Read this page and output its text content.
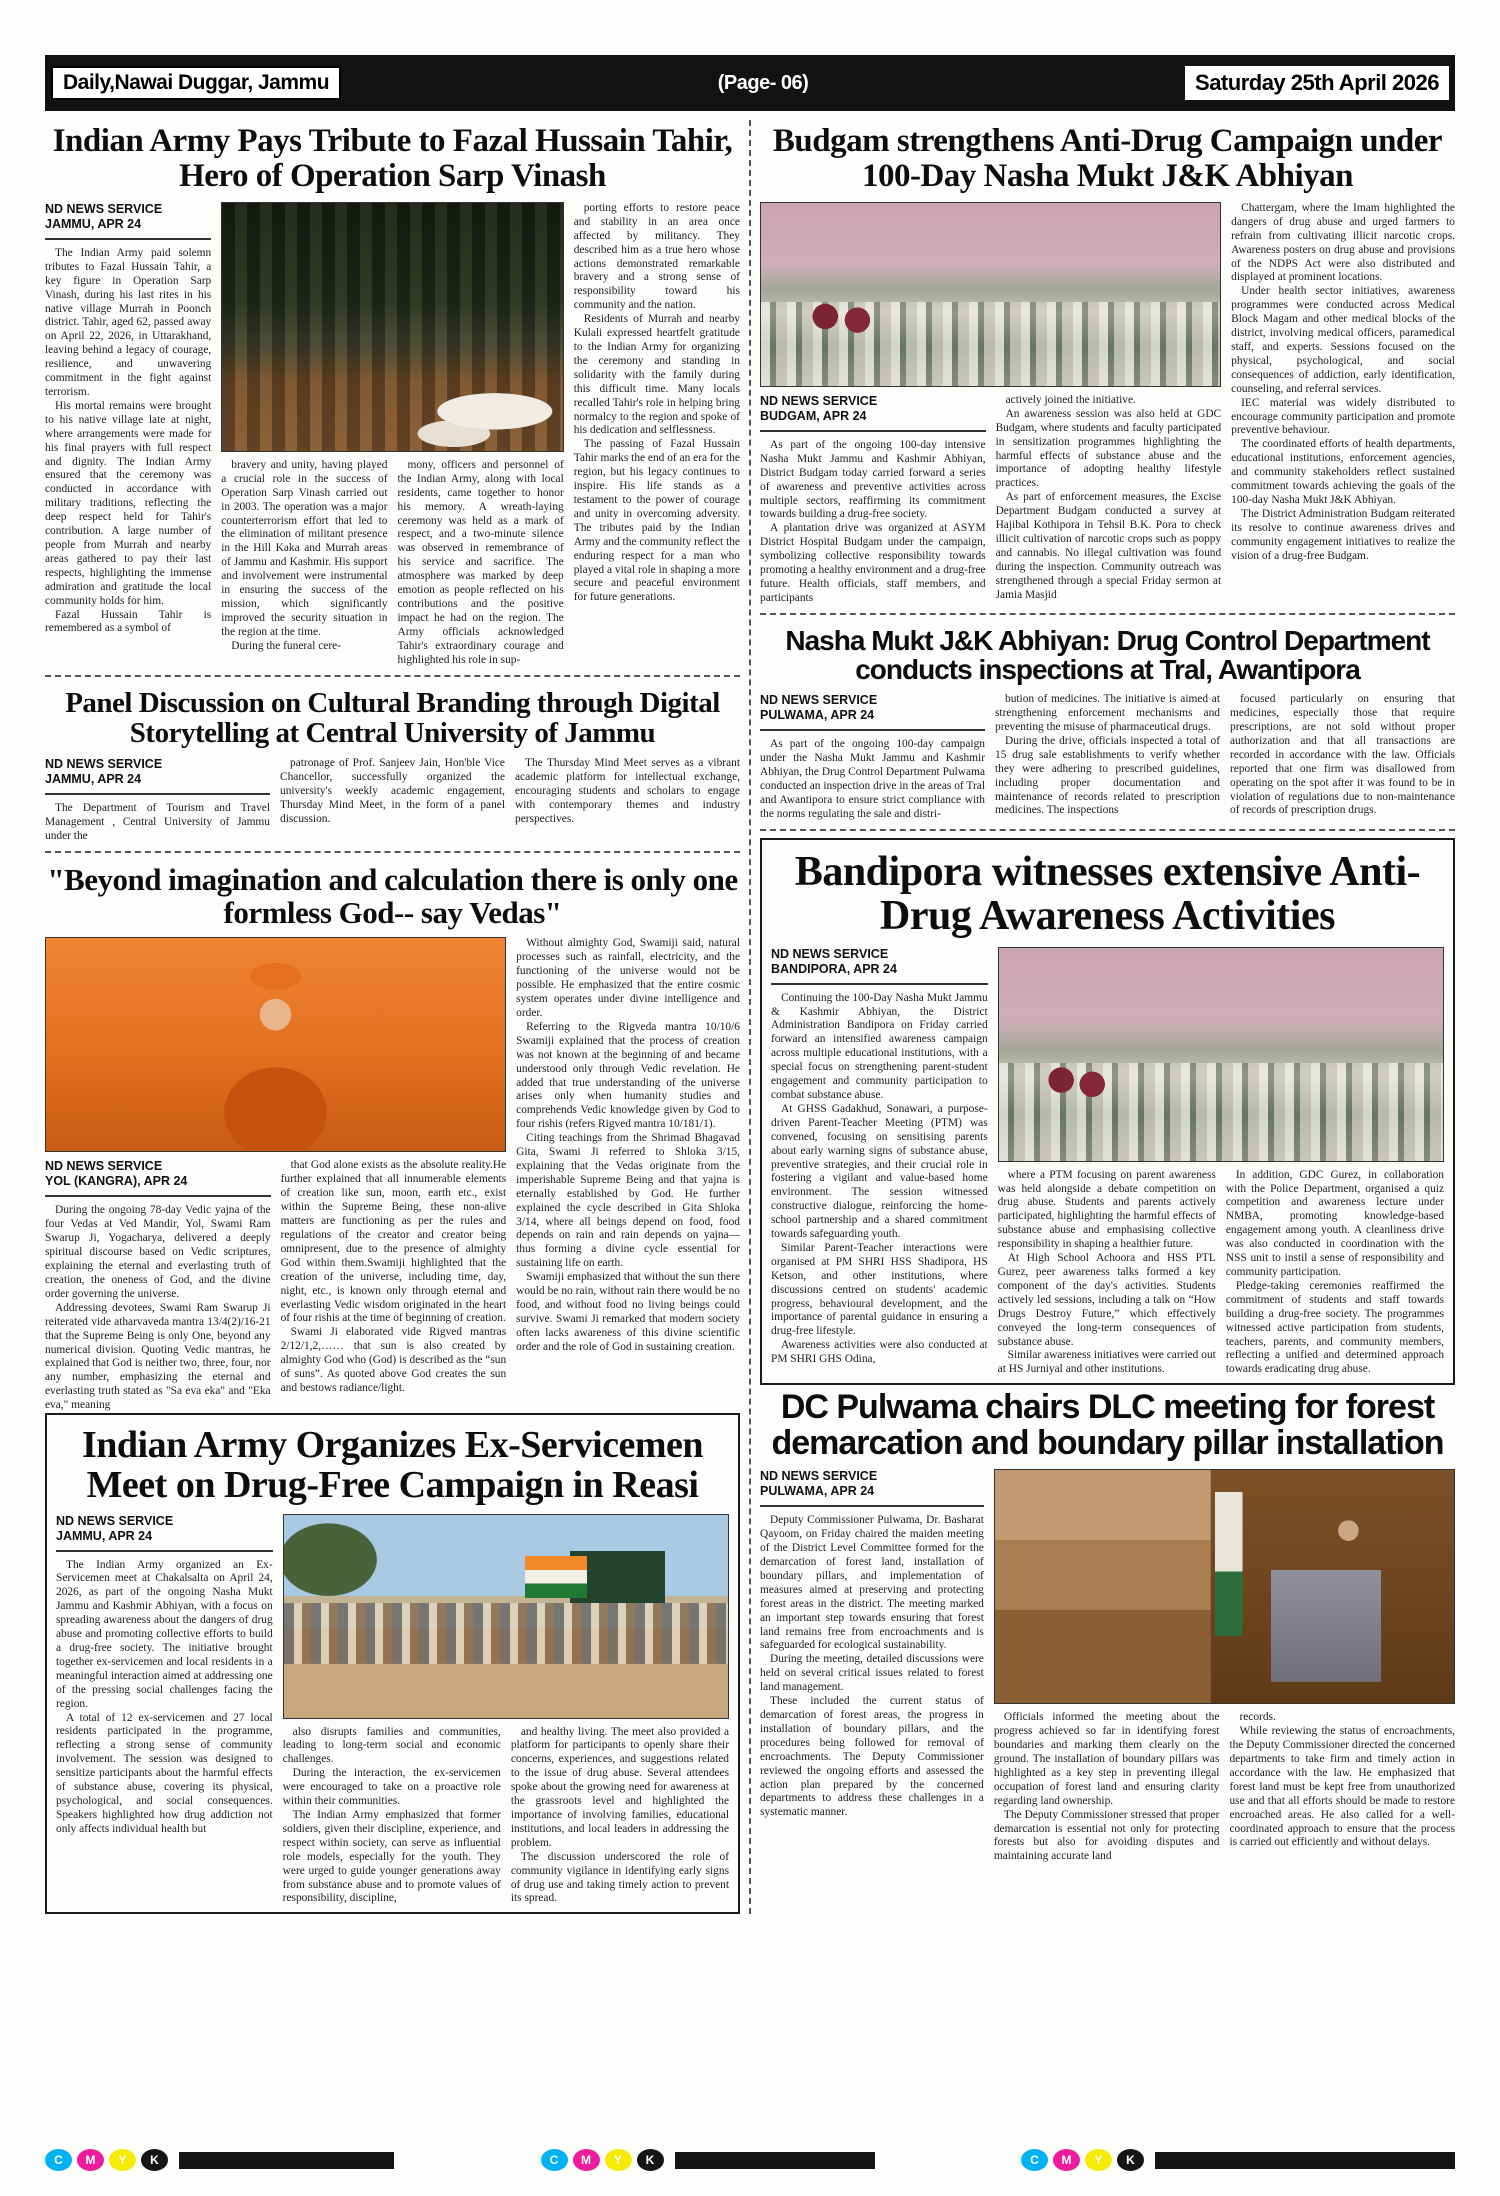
Daily,Nawai Duggar, Jammu	(Page- 06)	Saturday 25th April 2026
Indian Army Pays Tribute to Fazal Hussain Tahir, Hero of Operation Sarp Vinash
ND NEWS SERVICE
JAMMU, APR 24

The Indian Army paid solemn tributes to Fazal Hussain Tahir, a key figure in Operation Sarp Vinash, during his last rites in his native village Murrah in Poonch district. Tahir, aged 62, passed away on April 22, 2026, in Uttarakhand, leaving behind a legacy of courage, resilience, and unwavering commitment in the fight against terrorism.

His mortal remains were brought to his native village late at night, where arrangements were made for his final prayers with full respect and dignity. The Indian Army ensured that the ceremony was conducted in accordance with military traditions, reflecting the deep respect held for Tahir's contribution. A large number of people from Murrah and nearby areas gathered to pay their last respects, highlighting the immense admiration and gratitude the local community holds for him.

Fazal Hussain Tahir is remembered as a symbol of

bravery and unity, having played a crucial role in the success of Operation Sarp Vinash carried out in 2003. The operation was a major counterterrorism effort that led to the elimination of militant presence in the Hill Kaka and Murrah areas of Jammu and Kashmir. His support and involvement were instrumental in ensuring the success of the mission, which significantly improved the security situation in the region at the time.

During the funeral cere-

mony, officers and personnel of the Indian Army, along with local residents, came together to honor his memory. A wreath-laying ceremony was held as a mark of respect, and a two-minute silence was observed in remembrance of his service and sacrifice. The atmosphere was marked by deep emotion as people reflected on his contributions and the positive impact he had on the region. The Army officials acknowledged Tahir's extraordinary courage and highlighted his role in sup-

porting efforts to restore peace and stability in an area once affected by militancy. They described him as a true hero whose actions demonstrated remarkable bravery and a strong sense of responsibility toward his community and the nation.

Residents of Murrah and nearby Kulali expressed heartfelt gratitude to the Indian Army for organizing the ceremony and standing in solidarity with the family during this difficult time. Many locals recalled Tahir's role in helping bring normalcy to the region and spoke of his dedication and selflessness.

The passing of Fazal Hussain Tahir marks the end of an era for the region, but his legacy continues to inspire. His life stands as a testament to the power of courage and unity in overcoming adversity. The tributes paid by the Indian Army and the community reflect the enduring respect for a man who played a vital role in shaping a more secure and peaceful environment for future generations.

Panel Discussion on Cultural Branding through Digital Storytelling at Central University of Jammu
ND NEWS SERVICE
JAMMU, APR 24

The Department of Tourism and Travel Management , Central University of Jammu under the

patronage of Prof. Sanjeev Jain, Hon'ble Vice Chancellor, successfully organized the university's weekly academic engagement, Thursday Mind Meet, in the form of a panel discussion.

The Thursday Mind Meet serves as a vibrant academic platform for intellectual exchange, encouraging students and scholars to engage with contemporary themes and industry perspectives.

"Beyond imagination and calculation there is only one formless God-- say Vedas"
ND NEWS SERVICE
YOL (KANGRA), APR 24

During the ongoing 78-day Vedic yajna of the four Vedas at Ved Mandir, Yol, Swami Ram Swarup Ji, Yogacharya, delivered a deeply spiritual discourse based on Vedic scriptures, explaining the eternal and everlasting truth of creation, the oneness of God, and the divine order governing the universe.

Addressing devotees, Swami Ram Swarup Ji reiterated vide atharvaveda mantra 13/4(2)/16-21 that the Supreme Being is only One, beyond any numerical division. Quoting Vedic mantras, he explained that God is neither two, three, four, nor any number, emphasizing the eternal and everlasting truth stated as "Sa eva eka" and "Eka eva," meaning

that God alone exists as the absolute reality.He further explained that all innumerable elements of creation like sun, moon, earth etc., exist within the Supreme Being, these non-alive matters are functioning as per the rules and regulations of the creator and creator being omnipresent, due to the presence of almighty God within them.Swamiji highlighted that the creation of the universe, including time, day, night, etc., is known only through eternal and everlasting Vedic wisdom originated in the heart of four rishis at the time of beginning of creation.

Swami Ji elaborated vide Rigved mantras 2/12/1,2,…… that sun is also created by almighty God who (God) is described as the “sun of suns”. As quoted above God creates the sun and bestows radiance/light.

Without almighty God, Swamiji said, natural processes such as rainfall, electricity, and the functioning of the universe would not be possible. He emphasized that the entire cosmic system operates under divine intelligence and order.

Referring to the Rigveda mantra 10/10/6 Swamiji explained that the process of creation was not known at the beginning of and became understood only through Vedic revelation. He added that true understanding of the universe arises only when humanity studies and comprehends Vedic knowledge given by God to four rishis (refers Rigved mantra 10/181/1).

Citing teachings from the Shrimad Bhagavad Gita, Swami Ji referred to Shloka 3/15, explaining that the Vedas originate from the imperishable Supreme Being and that yajna is eternally established by God. He further explained the cycle described in Gita Shloka 3/14, where all beings depend on food, food depends on rain and rain depends on yajna— thus forming a divine cycle essential for sustaining life on earth.

Swamiji emphasized that without the sun there would be no rain, without rain there would be no food, and without food no living beings could survive. Swami Ji remarked that modern society often lacks awareness of this divine scientific order and the role of God in sustaining creation.

Indian Army Organizes Ex-Servicemen Meet on Drug-Free Campaign in Reasi
ND NEWS SERVICE
JAMMU, APR 24

The Indian Army organized an Ex-Servicemen meet at Chakalsalta on April 24, 2026, as part of the ongoing Nasha Mukt Jammu and Kashmir Abhiyan, with a focus on spreading awareness about the dangers of drug abuse and promoting collective efforts to build a drug-free society. The initiative brought together ex-servicemen and local residents in a meaningful interaction aimed at addressing one of the pressing social challenges facing the region.

A total of 12 ex-servicemen and 27 local residents participated in the programme, reflecting a strong sense of community involvement. The session was designed to sensitize participants about the harmful effects of substance abuse, covering its physical, psychological, and social consequences. Speakers highlighted how drug addiction not only affects individual health but

also disrupts families and communities, leading to long-term social and economic challenges.

During the interaction, the ex-servicemen were encouraged to take on a proactive role within their communities.

The Indian Army emphasized that former soldiers, given their discipline, experience, and respect within society, can serve as influential role models, especially for the youth. They were urged to guide younger generations away from substance abuse and to promote values of responsibility, discipline,

and healthy living. The meet also provided a platform for participants to openly share their concerns, experiences, and suggestions related to the issue of drug abuse. Several attendees spoke about the growing need for awareness at the grassroots level and highlighted the importance of involving families, educational institutions, and local leaders in addressing the problem.

The discussion underscored the role of community vigilance in identifying early signs of drug use and taking timely action to prevent its spread.

Budgam strengthens Anti-Drug Campaign under 100-Day Nasha Mukt J&K Abhiyan
ND NEWS SERVICE
BUDGAM, APR 24

As part of the ongoing 100-day intensive Nasha Mukt Jammu and Kashmir Abhiyan, District Budgam today carried forward a series of awareness and preventive activities across multiple sectors, reaffirming its commitment towards building a drug-free society.

A plantation drive was organized at ASYM District Hospital Budgam under the campaign, symbolizing collective responsibility towards promoting a healthy environment and a drug-free future. Health officials, staff members, and participants

actively joined the initiative.

An awareness session was also held at GDC Budgam, where students and faculty participated in sensitization programmes highlighting the harmful effects of substance abuse and the importance of adopting healthy lifestyle practices.

As part of enforcement measures, the Excise Department Budgam conducted a survey at Hajibal Kothipora in Tehsil B.K. Pora to check illicit cultivation of narcotic crops such as poppy and cannabis. No illegal cultivation was found during the inspection. Community outreach was strengthened through a special Friday sermon at Jamia Masjid

Chattergam, where the Imam highlighted the dangers of drug abuse and urged farmers to refrain from cultivating illicit narcotic crops. Awareness posters on drug abuse and provisions of the NDPS Act were also distributed and displayed at prominent locations.

Under health sector initiatives, awareness programmes were conducted across Medical Block Magam and other medical blocks of the district, involving medical officers, paramedical staff, and experts. Sessions focused on the physical, psychological, and social consequences of addiction, early identification, counseling, and referral services.

IEC material was widely distributed to encourage community participation and promote preventive behaviour.

The coordinated efforts of health departments, educational institutions, enforcement agencies, and community stakeholders reflect sustained commitment towards achieving the goals of the 100-day Nasha Mukt J&K Abhiyan.

The District Administration Budgam reiterated its resolve to continue awareness drives and community engagement initiatives to realize the vision of a drug-free Budgam.

Nasha Mukt J&K Abhiyan: Drug Control Department conducts inspections at Tral, Awantipora
ND NEWS SERVICE
PULWAMA, APR 24

As part of the ongoing 100-day campaign under the Nasha Mukt Jammu and Kashmir Abhiyan, the Drug Control Department Pulwama conducted an inspection drive in the areas of Tral and Awantipora to ensure strict compliance with the norms regulating the sale and distri-

bution of medicines. The initiative is aimed at strengthening enforcement mechanisms and preventing the misuse of pharmaceutical drugs.

During the drive, officials inspected a total of 15 drug sale establishments to verify whether they were adhering to prescribed guidelines, including proper documentation and maintenance of records related to prescription medicines. The inspections

focused particularly on ensuring that medicines, especially those that require prescriptions, are not sold without proper authorization and that all transactions are recorded in accordance with the law. Officials reported that one firm was disallowed from operating on the spot after it was found to be in violation of regulations due to non-maintenance of records of prescription drugs.

Bandipora witnesses extensive Anti-Drug Awareness Activities
ND NEWS SERVICE
BANDIPORA, APR 24

Continuing the 100-Day Nasha Mukt Jammu & Kashmir Abhiyan, the District Administration Bandipora on Friday carried forward an intensified awareness campaign across multiple educational institutions, with a special focus on strengthening parent-student engagement and community participation to combat substance abuse.

At GHSS Gadakhud, Sonawari, a purpose-driven Parent-Teacher Meeting (PTM) was convened, focusing on sensitising parents about early warning signs of substance abuse, preventive strategies, and their crucial role in fostering a vigilant and value-based home environment. The session witnessed constructive dialogue, reinforcing the home-school partnership and a shared commitment towards safeguarding youth.

Similar Parent-Teacher interactions were organised at PM SHRI HSS Shadipora, HS Ketson, and other institutions, where discussions centred on students' academic progress, behavioural development, and the importance of parental guidance in ensuring a drug-free lifestyle.

Awareness activities were also conducted at PM SHRI GHS Odina,

where a PTM focusing on parent awareness was held alongside a debate competition on drug abuse. Students and parents actively participated, highlighting the harmful effects of substance abuse and emphasising collective responsibility in shaping a healthier future.

At High School Achoora and HSS PTL Gurez, peer awareness talks formed a key component of the day's activities. Students actively led sessions, including a talk on “How Drugs Destroy Future,” which effectively conveyed the long-term consequences of substance abuse.

Similar awareness initiatives were carried out at HS Jurniyal and other institutions.

In addition, GDC Gurez, in collaboration with the Police Department, organised a quiz competition and awareness lecture under NMBA, promoting knowledge-based engagement among youth. A cleanliness drive was also conducted in coordination with the NSS unit to instil a sense of responsibility and community participation.

Pledge-taking ceremonies reaffirmed the commitment of students and staff towards building a drug-free society. The programmes witnessed active participation from students, teachers, parents, and community members, reflecting a unified and determined approach towards eradicating drug abuse.

DC Pulwama chairs DLC meeting for forest demarcation and boundary pillar installation
ND NEWS SERVICE
PULWAMA, APR 24

Deputy Commissioner Pulwama, Dr. Basharat Qayoom, on Friday chaired the maiden meeting of the District Level Committee formed for the demarcation of forest land, installation of boundary pillars, and implementation of measures aimed at preserving and protecting forest areas in the district. The meeting marked an important step towards ensuring that forest land remains free from encroachments and is safeguarded for ecological sustainability.

During the meeting, detailed discussions were held on several critical issues related to forest land management.

These included the current status of demarcation of forest areas, the progress in installation of boundary pillars, and the procedures being followed for removal of encroachments. The Deputy Commissioner reviewed the ongoing efforts and assessed the action plan prepared by the concerned departments to address these challenges in a systematic manner.

Officials informed the meeting about the progress achieved so far in identifying forest boundaries and marking them clearly on the ground. The installation of boundary pillars was highlighted as a key step in preventing illegal occupation of forest land and ensuring clarity regarding land ownership.

The Deputy Commissioner stressed that proper demarcation is essential not only for protecting forests but also for avoiding disputes and maintaining accurate land

records.

While reviewing the status of encroachments, the Deputy Commissioner directed the concerned departments to take firm and timely action in accordance with the law. He emphasized that forest land must be kept free from unauthorized use and that all efforts should be made to restore encroached areas. He also called for a well-coordinated approach to ensure that the process is carried out efficiently and without delays.

C	M	Y	K	C	M	Y	K	C	M	Y	K
